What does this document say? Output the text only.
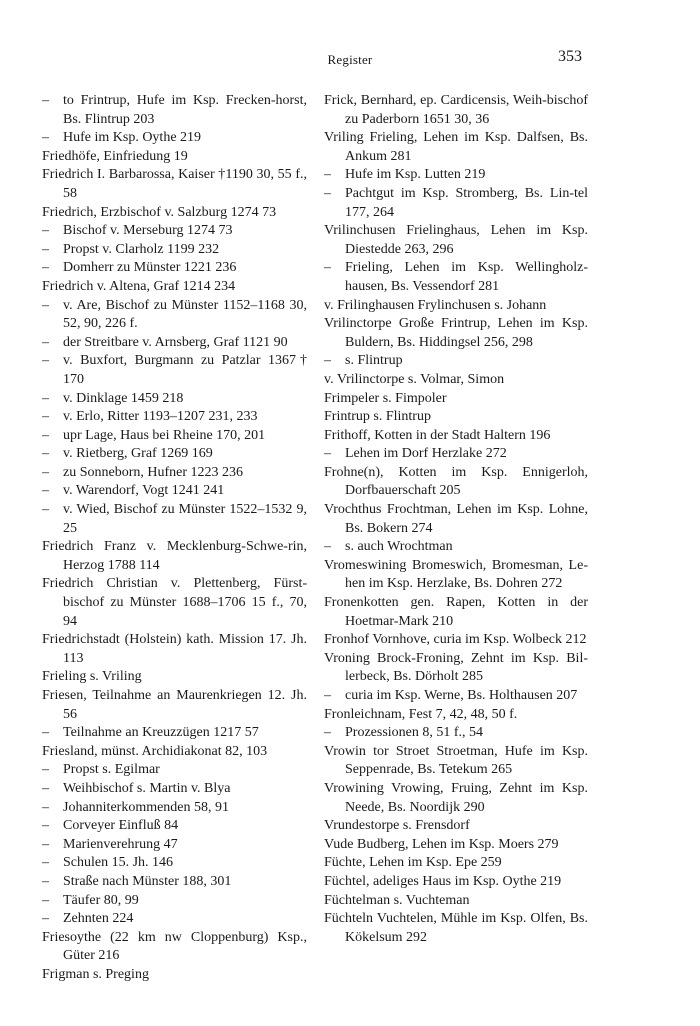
Register	353
– to Frintrup, Hufe im Ksp. Frecken-horst, Bs. Flintrup 203
– Hufe im Ksp. Oythe 219
Friedhöfe, Einfriedung 19
Friedrich I. Barbarossa, Kaiser †1190 30, 55 f., 58
Friedrich, Erzbischof v. Salzburg 1274 73
– Bischof v. Merseburg 1274 73
– Propst v. Clarholz 1199 232
– Domherr zu Münster 1221 236
Friedrich v. Altena, Graf 1214 234
– v. Are, Bischof zu Münster 1152–1168 30, 52, 90, 226 f.
– der Streitbare v. Arnsberg, Graf 1121 90
– v. Buxfort, Burgmann zu Patzlar 1367† 170
– v. Dinklage 1459 218
– v. Erlo, Ritter 1193–1207 231, 233
– upr Lage, Haus bei Rheine 170, 201
– v. Rietberg, Graf 1269 169
– zu Sonneborn, Hufner 1223 236
– v. Warendorf, Vogt 1241 241
– v. Wied, Bischof zu Münster 1522–1532 9, 25
Friedrich Franz v. Mecklenburg-Schwe-rin, Herzog 1788 114
Friedrich Christian v. Plettenberg, Fürst-bischof zu Münster 1688–1706 15 f., 70, 94
Friedrichstadt (Holstein) kath. Mission 17. Jh. 113
Frieling s. Vriling
Friesen, Teilnahme an Maurenkriegen 12. Jh. 56
– Teilnahme an Kreuzzügen 1217 57
Friesland, münst. Archidiakonat 82, 103
– Propst s. Egilmar
– Weihbischof s. Martin v. Blya
– Johanniterkommenden 58, 91
– Corveyer Einfluß 84
– Marienverehrung 47
– Schulen 15. Jh. 146
– Straße nach Münster 188, 301
– Täufer 80, 99
– Zehnten 224
Friesoythe (22 km nw Cloppenburg) Ksp., Güter 216
Frigman s. Preging
Frick, Bernhard, ep. Cardicensis, Weih-bischof zu Paderborn 1651 30, 36
Vriling Frieling, Lehen im Ksp. Dalfsen, Bs. Ankum 281
– Hufe im Ksp. Lutten 219
– Pachtgut im Ksp. Stromberg, Bs. Lin-tel 177, 264
Vrilinchusen Frielinghaus, Lehen im Ksp. Diestedde 263, 296
– Frieling, Lehen im Ksp. Wellingholz-hausen, Bs. Vessendorf 281
v. Frilinghausen Frylinchusen s. Johann
Vrilinctorpe Große Frintrup, Lehen im Ksp. Buldern, Bs. Hiddingsel 256, 298
– s. Flintrup
v. Vrilinctorpe s. Volmar, Simon
Frimpeler s. Fimpoler
Frintrup s. Flintrup
Frithoff, Kotten in der Stadt Haltern 196
– Lehen im Dorf Herzlake 272
Frohne(n), Kotten im Ksp. Ennigerloh, Dorfbauerschaft 205
Vrochthus Frochtman, Lehen im Ksp. Lohne, Bs. Bokern 274
– s. auch Wrochtman
Vromeswining Bromeswich, Bromesman, Le-hen im Ksp. Herzlake, Bs. Dohren 272
Fronenkotten gen. Rapen, Kotten in der Hoetmar-Mark 210
Fronhof Vornhove, curia im Ksp. Wolbeck 212
Vroning Brock-Froning, Zehnt im Ksp. Bil-lerbeck, Bs. Dörholt 285
– curia im Ksp. Werne, Bs. Holthausen 207
Fronleichnam, Fest 7, 42, 48, 50 f.
– Prozessionen 8, 51 f., 54
Vrowin tor Stroet Stroetman, Hufe im Ksp. Seppenrade, Bs. Tetekum 265
Vrowining Vrowing, Fruing, Zehnt im Ksp. Neede, Bs. Noordijk 290
Vrundestorpe s. Frensdorf
Vude Budberg, Lehen im Ksp. Moers 279
Füchte, Lehen im Ksp. Epe 259
Füchtel, adeliges Haus im Ksp. Oythe 219
Füchtelman s. Vuchteman
Füchteln Vuchtelen, Mühle im Ksp. Olfen, Bs. Kökelsum 292
